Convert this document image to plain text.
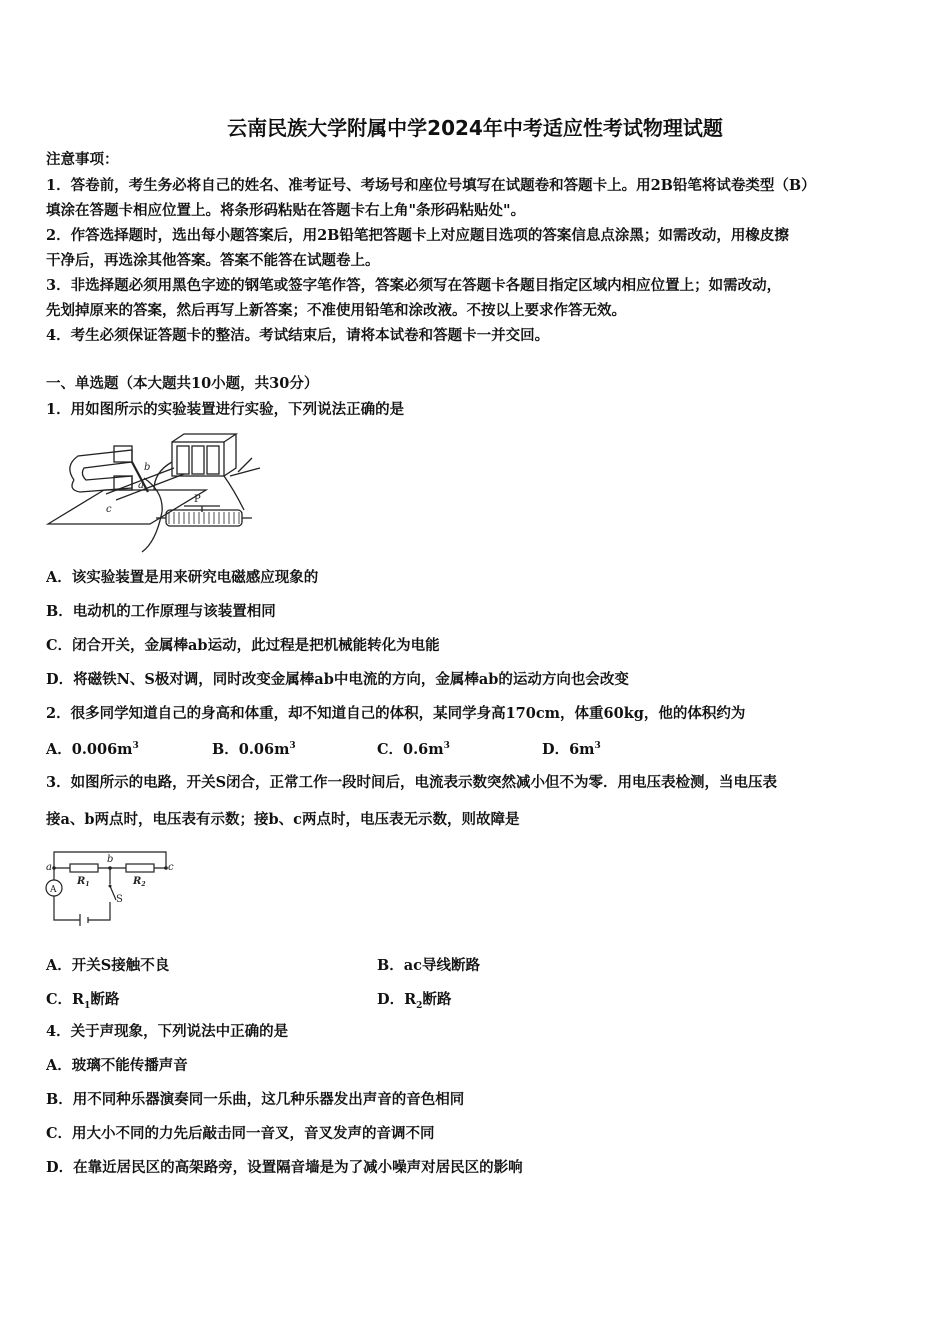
云南民族大学附属中学2024年中考适应性考试物理试题
注意事项：
1．答卷前，考生务必将自己的姓名、准考证号、考场号和座位号填写在试题卷和答题卡上。用2B铅笔将试卷类型（B）
填涂在答题卡相应位置上。将条形码粘贴在答题卡右上角"条形码粘贴处"。
2．作答选择题时，选出每小题答案后，用2B铅笔把答题卡上对应题目选项的答案信息点涂黑；如需改动，用橡皮擦
干净后，再选涂其他答案。答案不能答在试题卷上。
3．非选择题必须用黑色字迹的钢笔或签字笔作答，答案必须写在答题卡各题目指定区域内相应位置上；如需改动，
先划掉原来的答案，然后再写上新答案；不准使用铅笔和涂改液。不按以上要求作答无效。
4．考生必须保证答题卡的整洁。考试结束后，请将本试卷和答题卡一并交回。
一、单选题（本大题共10小题，共30分）
1．用如图所示的实验装置进行实验，下列说法正确的是
a
b
c
P
A．该实验装置是用来研究电磁感应现象的
B．电动机的工作原理与该装置相同
C．闭合开关，金属棒ab运动，此过程是把机械能转化为电能
D．将磁铁N、S极对调，同时改变金属棒ab中电流的方向，金属棒ab的运动方向也会改变
2．很多同学知道自己的身高和体重，却不知道自己的体积，某同学身高170cm，体重60kg，他的体积约为
A．$0.006m^3$	B．$0.06m^3$	C．$0.6m^3$	D．$6m^3$
3．如图所示的电路，开关S闭合，正常工作一段时间后，电流表示数突然减小但不为零．用电压表检测，当电压表
接a、b两点时，电压表有示数；接b、c两点时，电压表无示数，则故障是
a
b
c
$R_1$	$R_2$
A
S
A．开关S接触不良	B．ac导线断路
C．$R_1$断路	D．$R_2$断路
4．关于声现象，下列说法中正确的是
A．玻璃不能传播声音
B．用不同种乐器演奏同一乐曲，这几种乐器发出声音的音色相同
C．用大小不同的力先后敲击同一音叉，音叉发声的音调不同
D．在靠近居民区的高架路旁，设置隔音墙是为了减小噪声对居民区的影响
